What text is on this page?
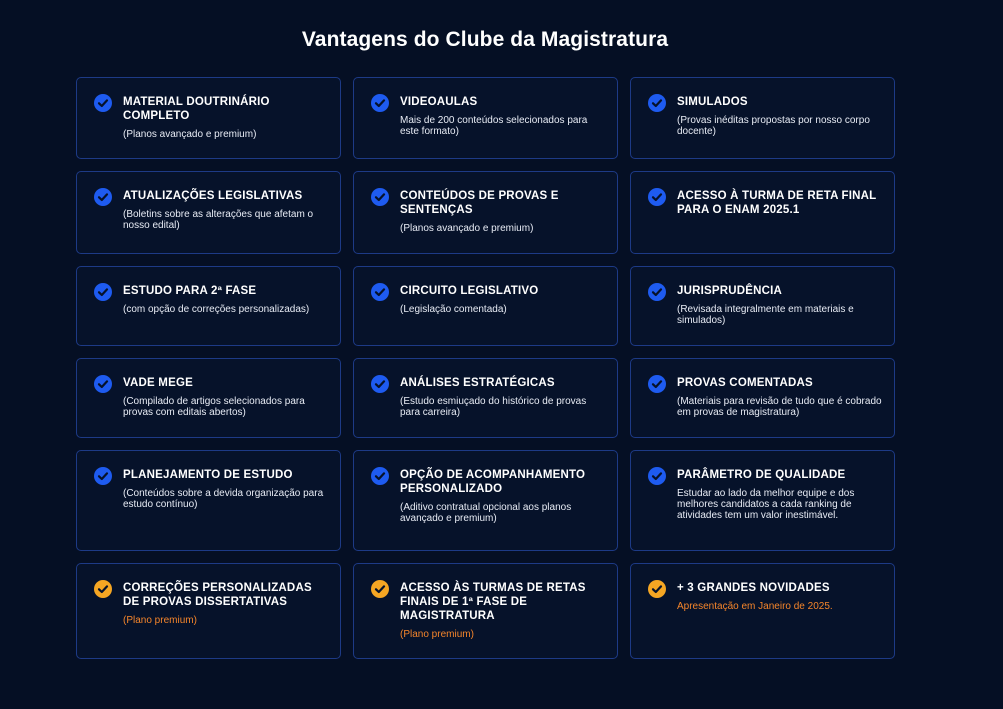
Vantagens do Clube da Magistratura
MATERIAL DOUTRINÁRIO COMPLETO
(Planos avançado e premium)
VIDEOAULAS
Mais de 200 conteúdos selecionados para este formato)
SIMULADOS
(Provas inéditas propostas por nosso corpo docente)
ATUALIZAÇÕES LEGISLATIVAS
(Boletins sobre as alterações que afetam o nosso edital)
CONTEÚDOS DE PROVAS E SENTENÇAS
(Planos avançado e premium)
ACESSO À TURMA DE RETA FINAL PARA O ENAM 2025.1
ESTUDO PARA 2ª FASE
(com opção de correções personalizadas)
CIRCUITO LEGISLATIVO
(Legislação comentada)
JURISPRUDÊNCIA
(Revisada integralmente em materiais e simulados)
VADE MEGE
(Compilado de artigos selecionados para provas com editais abertos)
ANÁLISES ESTRATÉGICAS
(Estudo esmiuçado do histórico de provas para carreira)
PROVAS COMENTADAS
(Materiais para revisão de tudo que é cobrado em provas de magistratura)
PLANEJAMENTO DE ESTUDO
(Conteúdos sobre a devida organização para estudo contínuo)
OPÇÃO DE ACOMPANHAMENTO PERSONALIZADO
(Aditivo contratual opcional aos planos avançado e premium)
PARÂMETRO DE QUALIDADE
Estudar ao lado da melhor equipe e dos melhores candidatos a cada ranking de atividades tem um valor inestimável.
CORREÇÕES PERSONALIZADAS DE PROVAS DISSERTATIVAS
(Plano premium)
ACESSO ÀS TURMAS DE RETAS FINAIS DE 1ª FASE DE MAGISTRATURA
(Plano premium)
+ 3 GRANDES NOVIDADES
Apresentação em Janeiro de 2025.
